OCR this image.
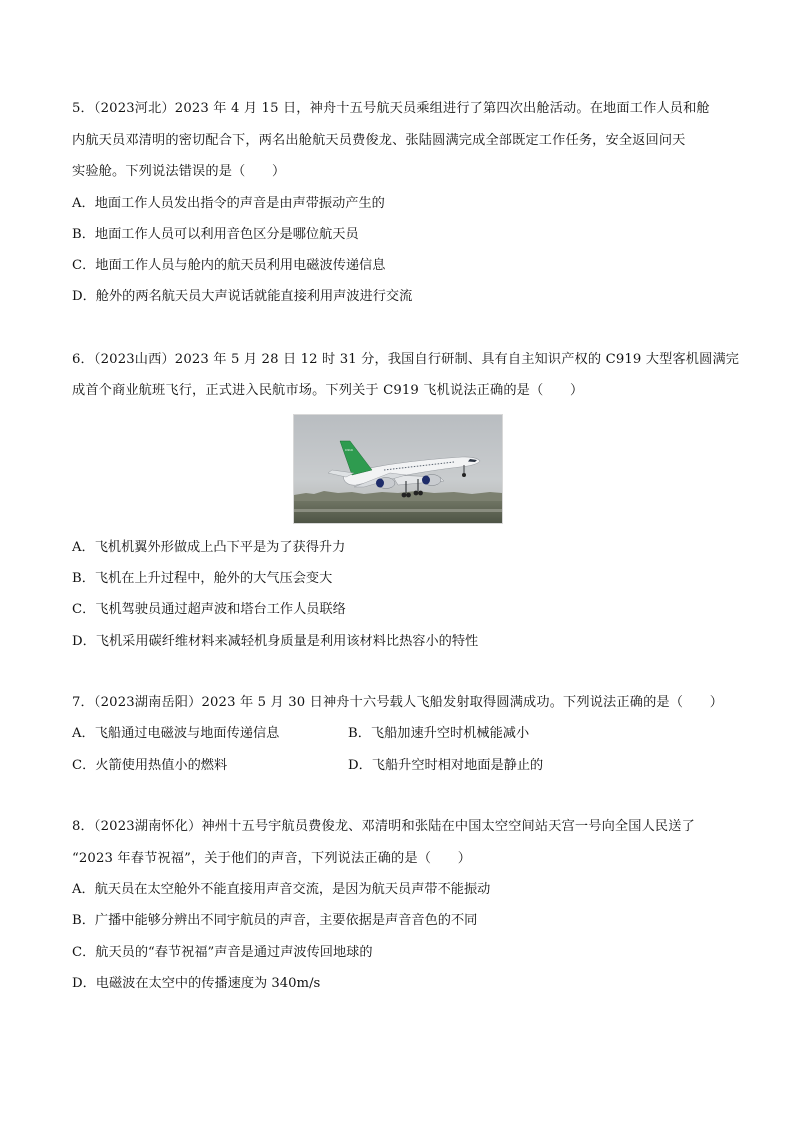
5．（2023河北）2023 年 4 月 15 日，神舟十五号航天员乘组进行了第四次出舱活动。在地面工作人员和舱
内航天员邓清明的密切配合下，两名出舱航天员费俊龙、张陆圆满完成全部既定工作任务，安全返回问天
实验舱。下列说法错误的是（　　）
A．地面工作人员发出指令的声音是由声带振动产生的
B．地面工作人员可以利用音色区分是哪位航天员
C．地面工作人员与舱内的航天员利用电磁波传递信息
D．舱外的两名航天员大声说话就能直接利用声波进行交流
6．（2023山西）2023 年 5 月 28 日 12 时 31 分，我国自行研制、具有自主知识产权的 C919 大型客机圆满完
成首个商业航班飞行，正式进入民航市场。下列关于 C919 飞机说法正确的是（　　）
C919
A．飞机机翼外形做成上凸下平是为了获得升力
B．飞机在上升过程中，舱外的大气压会变大
C．飞机驾驶员通过超声波和塔台工作人员联络
D．飞机采用碳纤维材料来减轻机身质量是利用该材料比热容小的特性
7．（2023湖南岳阳）2023 年 5 月 30 日神舟十六号载人飞船发射取得圆满成功。下列说法正确的是（　　）
A．飞船通过电磁波与地面传递信息	B．飞船加速升空时机械能减小
C．火箭使用热值小的燃料	D．飞船升空时相对地面是静止的
8．（2023湖南怀化）神州十五号宇航员费俊龙、邓清明和张陆在中国太空空间站天宫一号向全国人民送了
“2023 年春节祝福”，关于他们的声音，下列说法正确的是（　　）
A．航天员在太空舱外不能直接用声音交流，是因为航天员声带不能振动
B．广播中能够分辨出不同宇航员的声音，主要依据是声音音色的不同
C．航天员的“春节祝福”声音是通过声波传回地球的
D．电磁波在太空中的传播速度为 340m/s
